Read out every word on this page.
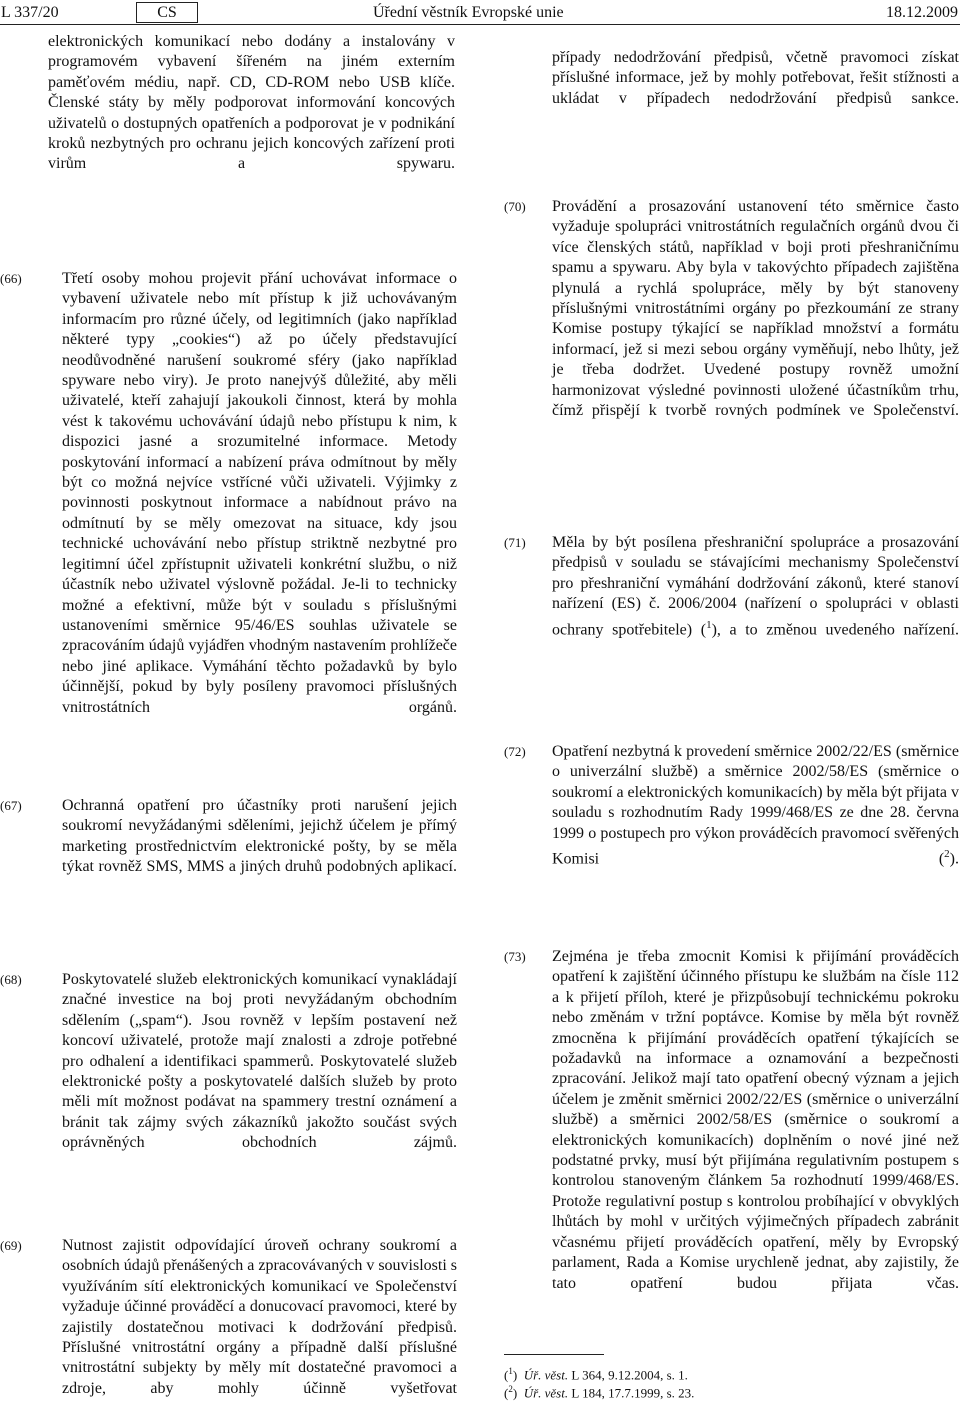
L 337/20	CS	Úřední věstník Evropské unie	18.12.2009
elektronických komunikací nebo dodány a instalovány v programovém vybavení šířeném na jiném externím paměťovém médiu, např. CD, CD-ROM nebo USB klíče. Členské státy by měly podporovat informování koncových uživatelů o dostupných opatřeních a podporovat je v podnikání kroků nezbytných pro ochranu jejich koncových zařízení proti virům a spywaru.
(66)	Třetí osoby mohou projevit přání uchovávat informace o vybavení uživatele nebo mít přístup k již uchovávaným informacím pro různé účely, od legitimních (jako například některé typy „cookies“) až po účely představující neodůvodněné narušení soukromé sféry (jako například spyware nebo viry). Je proto nanejvýš důležité, aby měli uživatelé, kteří zahajují jakoukoli činnost, která by mohla vést k takovému uchovávání údajů nebo přístupu k nim, k dispozici jasné a srozumitelné informace. Metody poskytování informací a nabízení práva odmítnout by měly být co možná nejvíce vstřícné vůči uživateli. Výjimky z povinnosti poskytnout informace a nabídnout právo na odmítnutí by se měly omezovat na situace, kdy jsou technické uchovávání nebo přístup striktně nezbytné pro legitimní účel zpřístupnit uživateli konkrétní službu, o niž účastník nebo uživatel výslovně požádal. Je-li to technicky možné a efektivní, může být v souladu s příslušnými ustanoveními směrnice 95/46/ES souhlas uživatele se zpracováním údajů vyjádřen vhodným nastavením prohlížeče nebo jiné aplikace. Vymáhání těchto požadavků by bylo účinnější, pokud by byly posíleny pravomoci příslušných vnitrostátních orgánů.
(67)	Ochranná opatření pro účastníky proti narušení jejich soukromí nevyžádanými sděleními, jejichž účelem je přímý marketing prostřednictvím elektronické pošty, by se měla týkat rovněž SMS, MMS a jiných druhů podobných aplikací.
(68)	Poskytovatelé služeb elektronických komunikací vynakládají značné investice na boj proti nevyžádaným obchodním sdělením („spam“). Jsou rovněž v lepším postavení než koncoví uživatelé, protože mají znalosti a zdroje potřebné pro odhalení a identifikaci spammerů. Poskytovatelé služeb elektronické pošty a poskytovatelé dalších služeb by proto měli mít možnost podávat na spammery trestní oznámení a bránit tak zájmy svých zákazníků jakožto součást svých oprávněných obchodních zájmů.
(69)	Nutnost zajistit odpovídající úroveň ochrany soukromí a osobních údajů přenášených a zpracovávaných v souvislosti s využíváním sítí elektronických komunikací ve Společenství vyžaduje účinné prováděcí a donucovací pravomoci, které by zajistily dostatečnou motivaci k dodržování předpisů. Příslušné vnitrostátní orgány a případně další příslušné vnitrostátní subjekty by měly mít dostatečné pravomoci a zdroje, aby mohly účinně vyšetřovat
případy nedodržování předpisů, včetně pravomoci získat příslušné informace, jež by mohly potřebovat, řešit stížnosti a ukládat v případech nedodržování předpisů sankce.
(70) Provádění a prosazování ustanovení této směrnice často vyžaduje spolupráci vnitrostátních regulačních orgánů dvou či více členských států, například v boji proti přeshraničnímu spamu a spywaru. Aby byla v takovýchto případech zajištěna plynulá a rychlá spolupráce, měly by být stanoveny příslušnými vnitrostátními orgány po přezkoumání ze strany Komise postupy týkající se například množství a formátu informací, jež si mezi sebou orgány vyměňují, nebo lhůty, jež je třeba dodržet. Uvedené postupy rovněž umožní harmonizovat výsledné povinnosti uložené účastníkům trhu, čímž přispějí k tvorbě rovných podmínek ve Společenství.
(71) Měla by být posílena přeshraniční spolupráce a prosazování předpisů v souladu se stávajícími mechanismy Společenství pro přeshraniční vymáhání dodržování zákonů, které stanoví nařízení (ES) č. 2006/2004 (nařízení o spolupráci v oblasti ochrany spotřebitele) ($^1$), a to změnou uvedeného nařízení.
(72) Opatření nezbytná k provedení směrnice 2002/22/ES (směrnice o univerzální službě) a směrnice 2002/58/ES (směrnice o soukromí a elektronických komunikacích) by měla být přijata v souladu s rozhodnutím Rady 1999/468/ES ze dne 28. června 1999 o postupech pro výkon prováděcích pravomocí svěřených Komisi ($^2$).
(73) Zejména je třeba zmocnit Komisi k přijímání prováděcích opatření k zajištění účinného přístupu ke službám na čísle 112 a k přijetí příloh, které je přizpůsobují technickému pokroku nebo změnám v tržní poptávce. Komise by měla být rovněž zmocněna k přijímání prováděcích opatření týkajících se požadavků na informace a oznamování a bezpečnosti zpracování. Jelikož mají tato opatření obecný význam a jejich účelem je změnit směrnici 2002/22/ES (směrnice o univerzální službě) a směrnici 2002/58/ES (směrnice o soukromí a elektronických komunikacích) doplněním o nové jiné než podstatné prvky, musí být přijímána regulativním postupem s kontrolou stanoveným článkem 5a rozhodnutí 1999/468/ES. Protože regulativní postup s kontrolou probíhající v obvyklých lhůtách by mohl v určitých výjimečných případech zabránit včasnému přijetí prováděcích opatření, měly by Evropský parlament, Rada a Komise urychleně jednat, aby zajistily, že tato opatření budou přijata včas.
($^1$)  Úř. věst. L 364, 9.12.2004, s. 1.
($^2$)  Úř. věst. L 184, 17.7.1999, s. 23.
